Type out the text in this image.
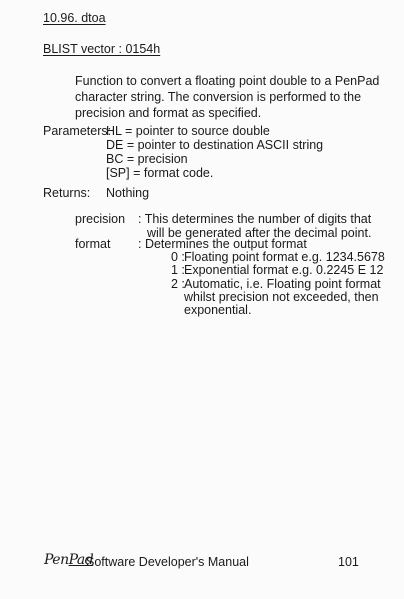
10.96. dtoa
BLIST vector : 0154h
Function to convert a floating point double to a PenPad
character string. The conversion is performed to the
precision and format as specified.
Parameters:
HL = pointer to source double
DE = pointer to destination ASCII string
BC = precision
[SP] = format code.
Returns: Nothing
precision : This determines the number of digits that
will be generated after the decimal point.
format : Determines the output format
0 : Floating point format e.g. 1234.5678
1 : Exponential format e.g. 0.2245 E 12
2 : Automatic, i.e. Floating point format
whilst precision not exceeded, then
exponential.
PenPad
Software Developer's Manual	101
